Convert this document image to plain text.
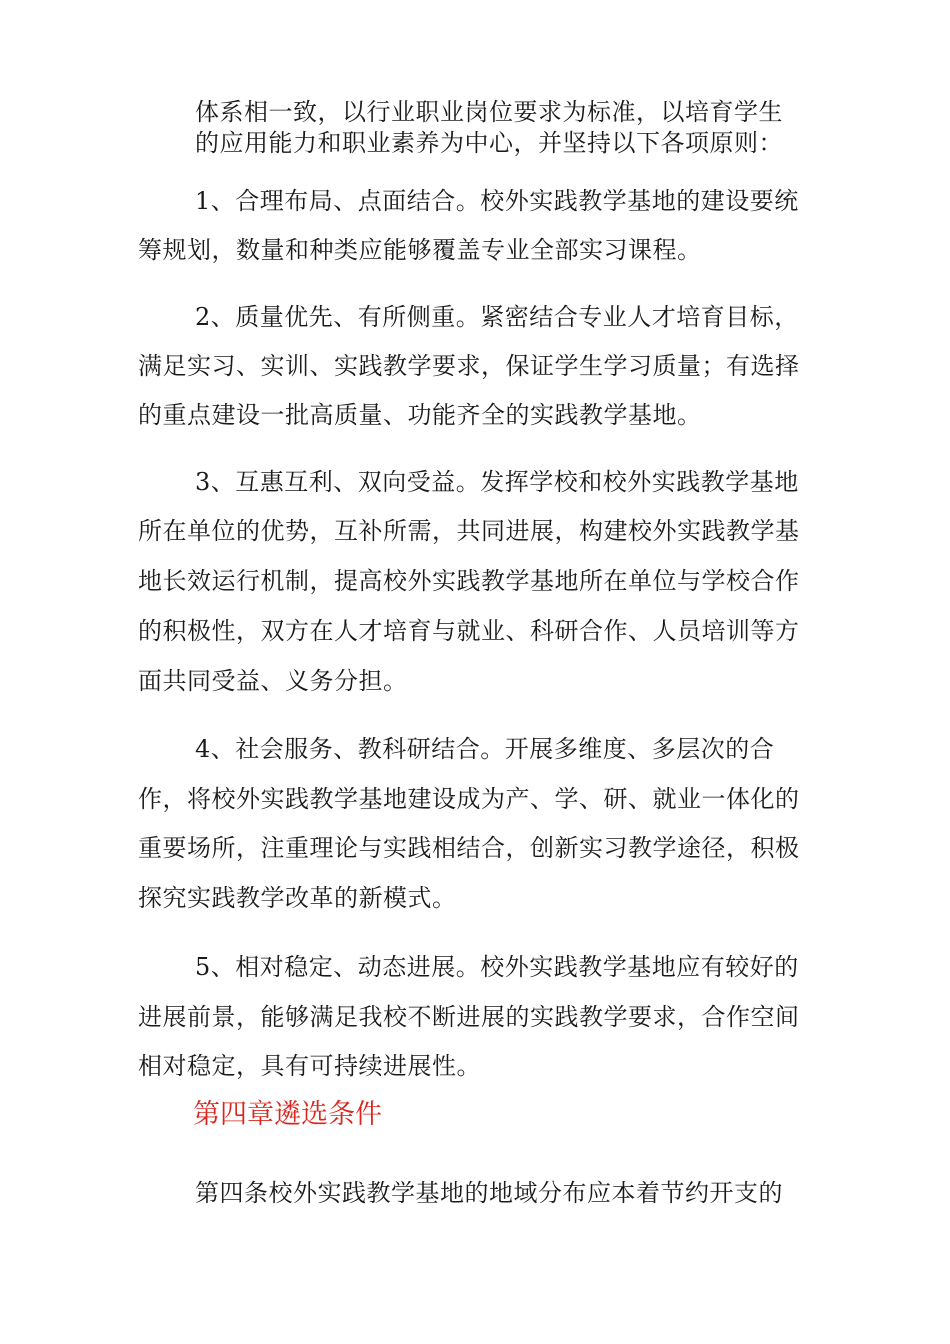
体系相一致，以行业职业岗位要求为标准，以培育学生
的应用能力和职业素养为中心，并坚持以下各项原则：
1、合理布局、点面结合。校外实践教学基地的建设要统
筹规划，数量和种类应能够覆盖专业全部实习课程。
2、质量优先、有所侧重。紧密结合专业人才培育目标，
满足实习、实训、实践教学要求，保证学生学习质量；有选择
的重点建设一批高质量、功能齐全的实践教学基地。
3、互惠互利、双向受益。发挥学校和校外实践教学基地
所在单位的优势，互补所需，共同进展，构建校外实践教学基
地长效运行机制，提高校外实践教学基地所在单位与学校合作
的积极性，双方在人才培育与就业、科研合作、人员培训等方
面共同受益、义务分担。
4、社会服务、教科研结合。开展多维度、多层次的合
作，将校外实践教学基地建设成为产、学、研、就业一体化的
重要场所，注重理论与实践相结合，创新实习教学途径，积极
探究实践教学改革的新模式。
5、相对稳定、动态进展。校外实践教学基地应有较好的
进展前景，能够满足我校不断进展的实践教学要求，合作空间
相对稳定，具有可持续进展性。
第四章遴选条件
第四条校外实践教学基地的地域分布应本着节约开支的
